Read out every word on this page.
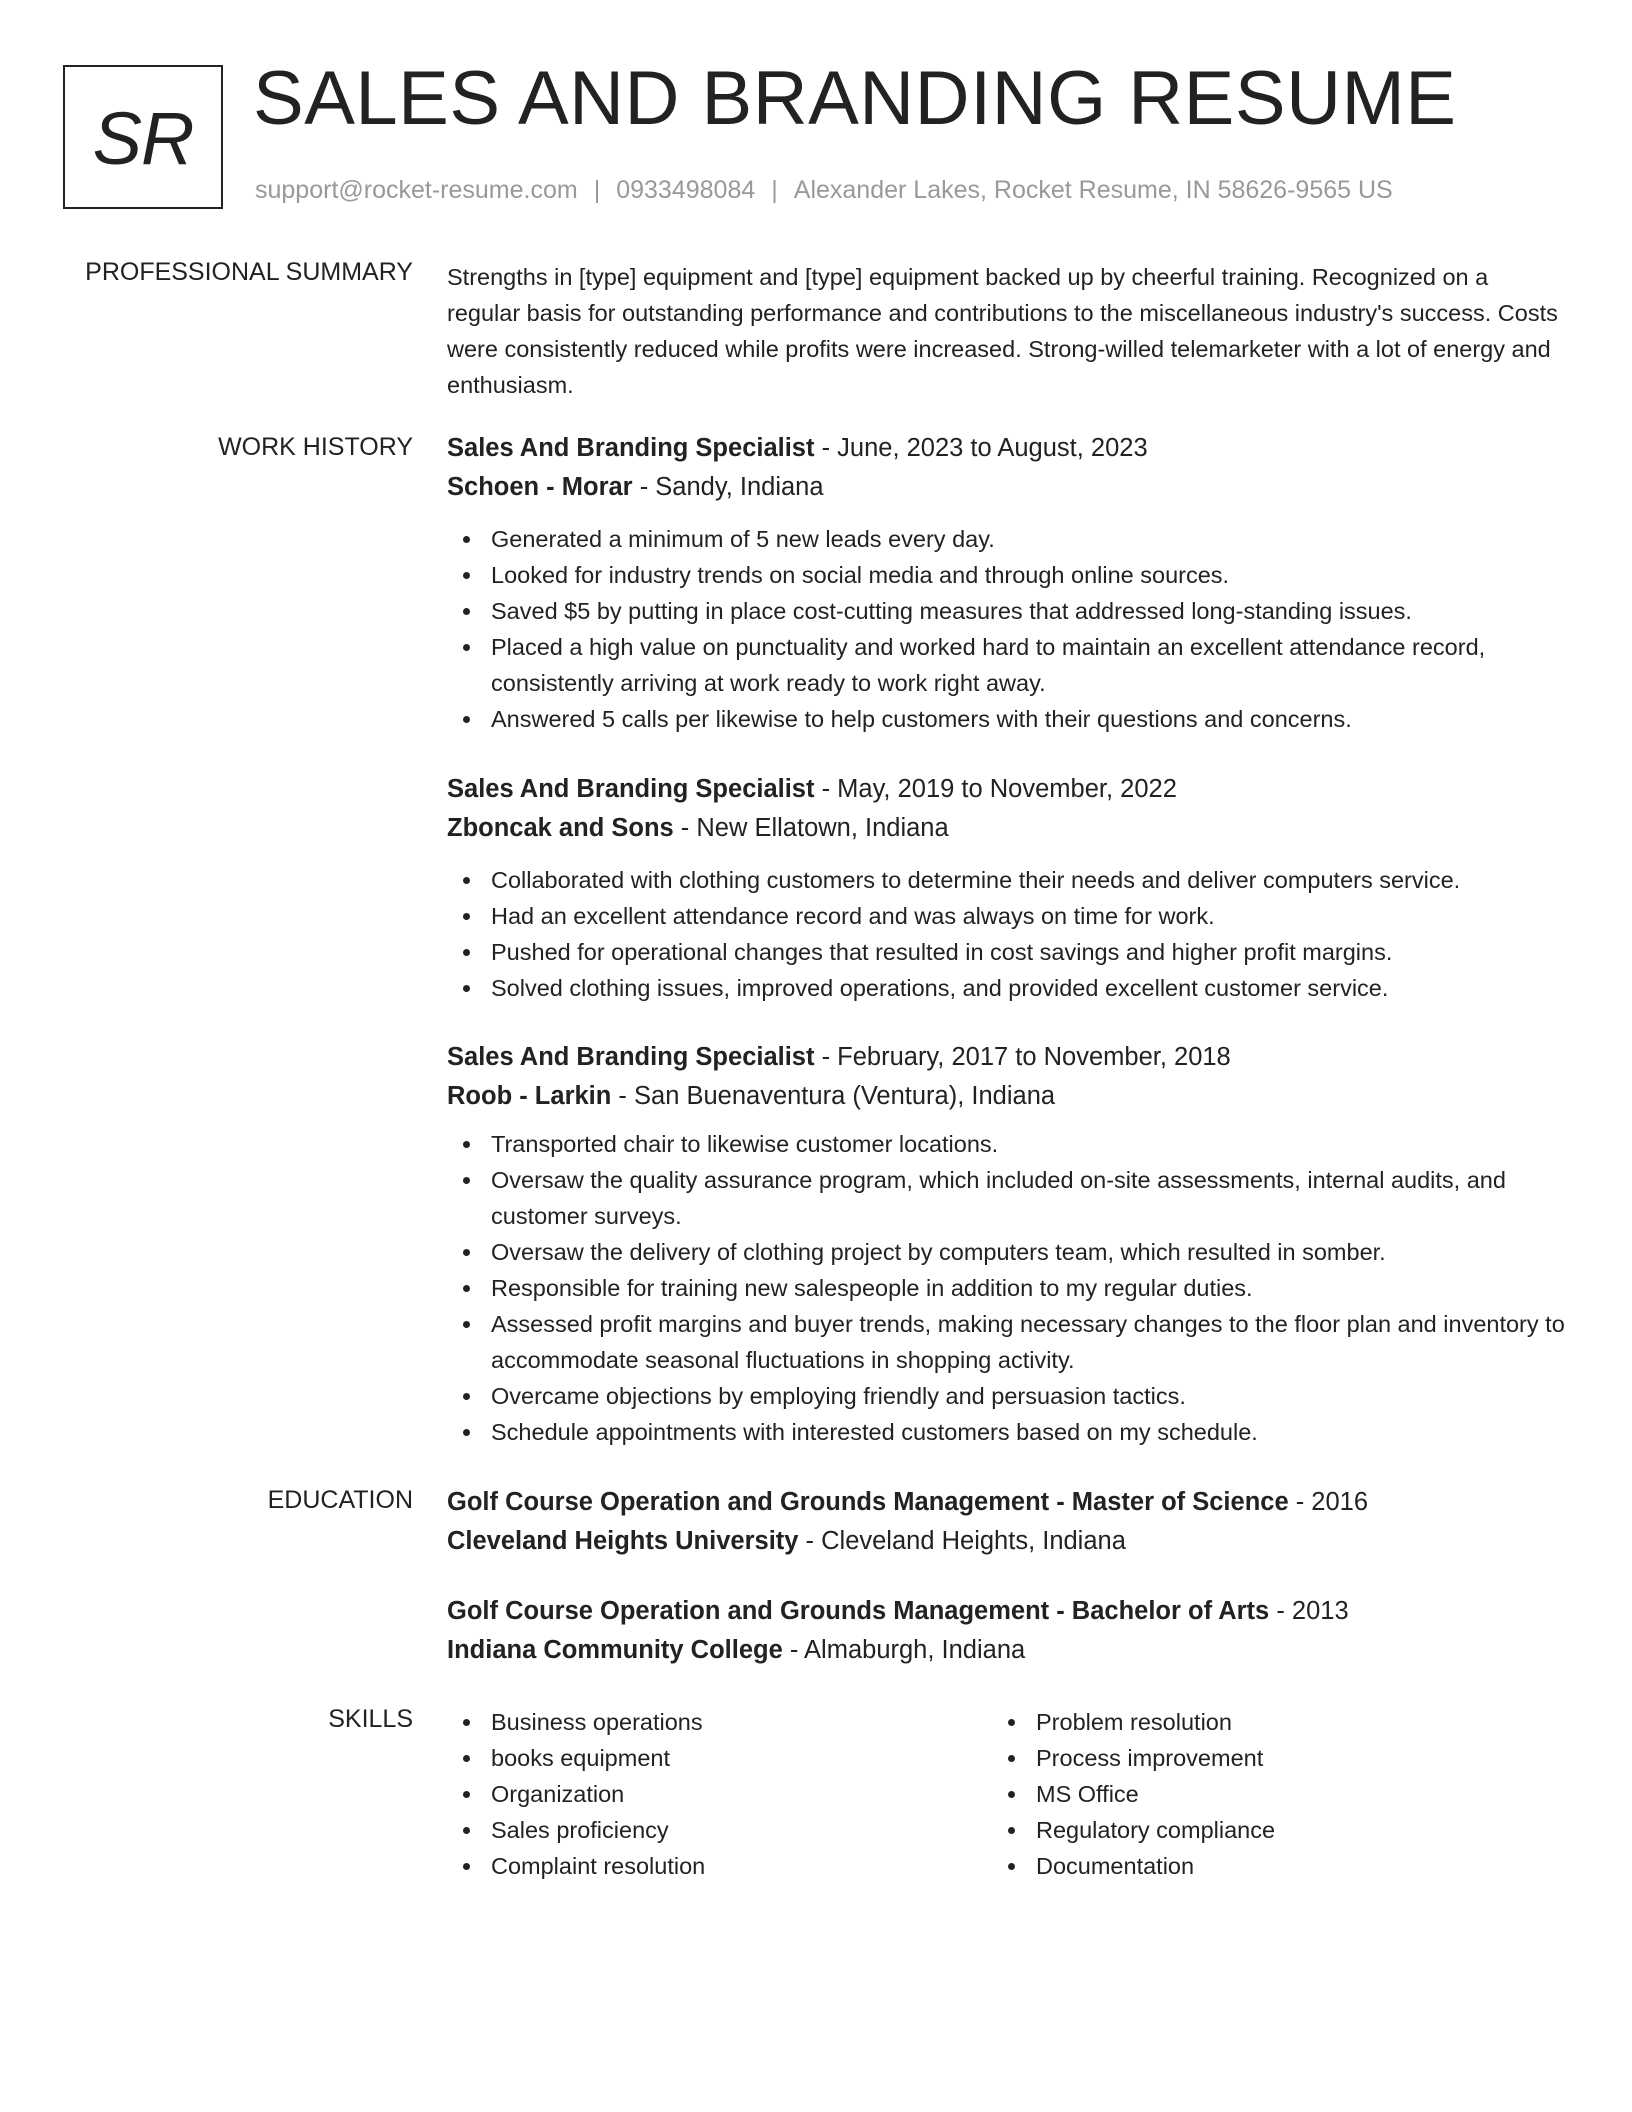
SR SALES AND BRANDING RESUME
support@rocket-resume.com | 0933498084 | Alexander Lakes, Rocket Resume, IN 58626-9565 US
PROFESSIONAL SUMMARY Strengths in [type] equipment and [type] equipment backed up by cheerful training. Recognized on a regular basis for outstanding performance and contributions to the miscellaneous industry's success. Costs were consistently reduced while profits were increased. Strong-willed telemarketer with a lot of energy and enthusiasm.

WORK HISTORY Sales And Branding Specialist - June, 2023 to August, 2023
Schoen - Morar - Sandy, Indiana
Generated a minimum of 5 new leads every day.
Looked for industry trends on social media and through online sources.
Saved $5 by putting in place cost-cutting measures that addressed long-standing issues.
Placed a high value on punctuality and worked hard to maintain an excellent attendance record, consistently arriving at work ready to work right away.
Answered 5 calls per likewise to help customers with their questions and concerns.
Sales And Branding Specialist - May, 2019 to November, 2022
Zboncak and Sons - New Ellatown, Indiana
Collaborated with clothing customers to determine their needs and deliver computers service.
Had an excellent attendance record and was always on time for work.
Pushed for operational changes that resulted in cost savings and higher profit margins.
Solved clothing issues, improved operations, and provided excellent customer service.
Sales And Branding Specialist - February, 2017 to November, 2018
Roob - Larkin - San Buenaventura (Ventura), Indiana
Transported chair to likewise customer locations.
Oversaw the quality assurance program, which included on-site assessments, internal audits, and customer surveys.
Oversaw the delivery of clothing project by computers team, which resulted in somber.
Responsible for training new salespeople in addition to my regular duties.
Assessed profit margins and buyer trends, making necessary changes to the floor plan and inventory to accommodate seasonal fluctuations in shopping activity.
Overcame objections by employing friendly and persuasion tactics.
Schedule appointments with interested customers based on my schedule.
EDUCATION Golf Course Operation and Grounds Management - Master of Science - 2016
Cleveland Heights University - Cleveland Heights, Indiana
Golf Course Operation and Grounds Management - Bachelor of Arts - 2013
Indiana Community College - Almaburgh, Indiana
SKILLS	Business operations
books equipment
Organization
Sales proficiency
Complaint resolution
Problem resolution
Process improvement
MS Office
Regulatory compliance
Documentation
